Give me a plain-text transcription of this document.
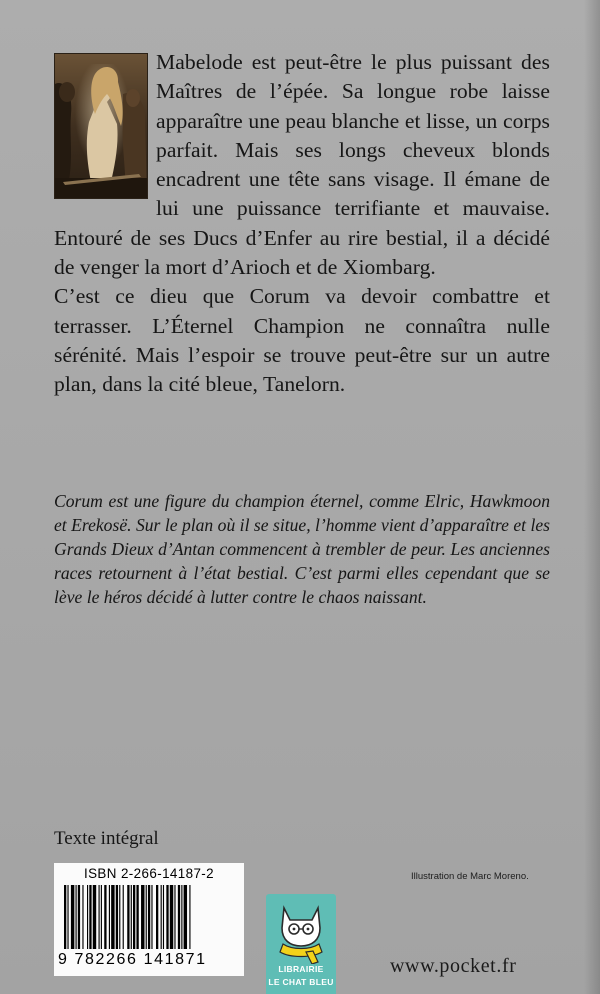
Mabelode est peut-être le plus puissant des Maîtres de l’épée. Sa longue robe laisse apparaître une peau blanche et lisse, un corps parfait. Mais ses longs cheveux blonds encadrent une tête sans visage. Il émane de lui une puissance terrifiante et mauvaise. Entouré de ses Ducs d’Enfer au rire bestial, il a décidé de venger la mort d’Arioch et de Xiombarg.

C’est ce dieu que Corum va devoir combattre et terrasser. L’Éternel Champion ne connaîtra nulle sérénité. Mais l’espoir se trouve peut-être sur un autre plan, dans la cité bleue, Tanelorn.

Corum est une figure du champion éternel, comme Elric, Hawkmoon et Erekosë. Sur le plan où il se situe, l’homme vient d’apparaître et les Grands Dieux d’Antan commencent à trembler de peur. Les anciennes races retournent à l’état bestial. C’est parmi elles cependant que se lève le héros décidé à lutter contre le chaos naissant.

Texte intégral

Illustration de Marc Moreno.
ISBN 2-266-14187-2
9 782266 141871
LIBRAIRIE
LE CHAT BLEU
www.pocket.fr
